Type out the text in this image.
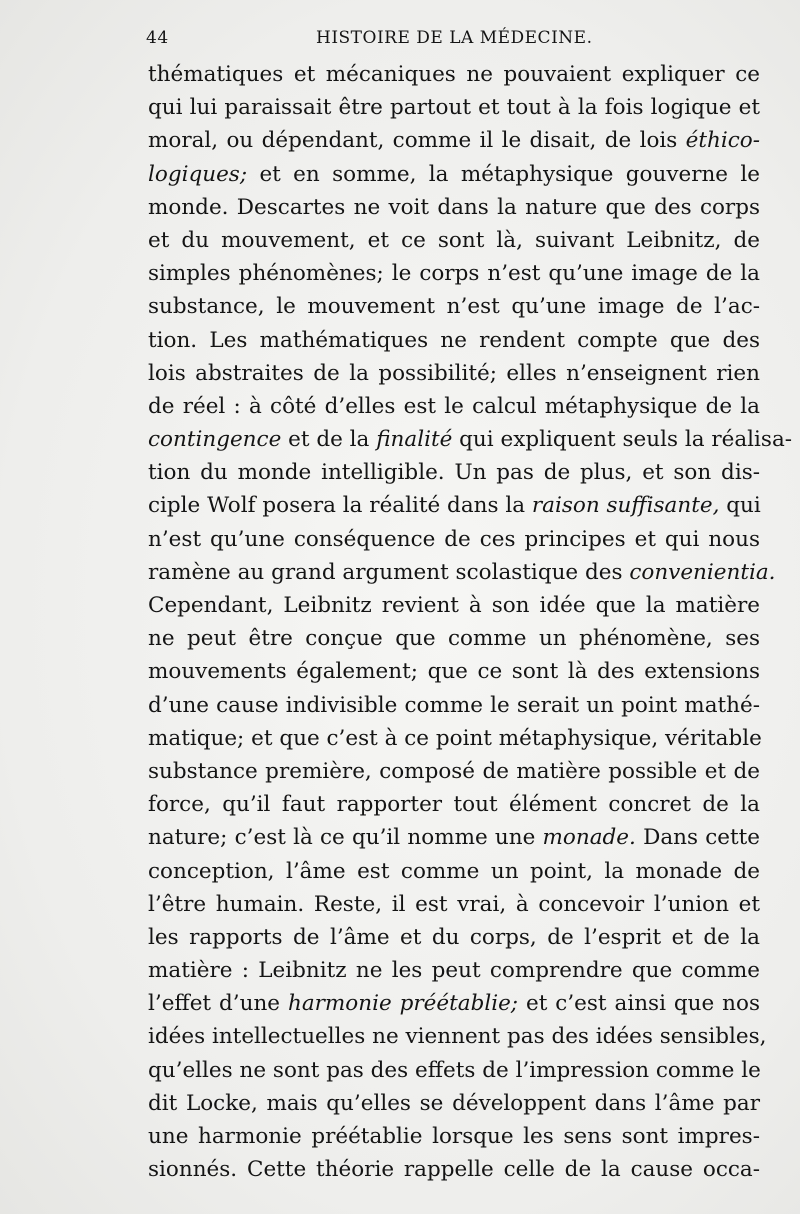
44	HISTOIRE DE LA MÉDECINE.
thématiques et mécaniques ne pouvaient expliquer ce
qui lui paraissait être partout et tout à la fois logique et
moral, ou dépendant, comme il le disait, de lois éthico-
logiques; et en somme, la métaphysique gouverne le
monde. Descartes ne voit dans la nature que des corps
et du mouvement, et ce sont là, suivant Leibnitz, de
simples phénomènes; le corps n’est qu’une image de la
substance, le mouvement n’est qu’une image de l’ac-
tion. Les mathématiques ne rendent compte que des
lois abstraites de la possibilité; elles n’enseignent rien
de réel : à côté d’elles est le calcul métaphysique de la
contingence et de la finalité qui expliquent seuls la réalisa-
tion du monde intelligible. Un pas de plus, et son dis-
ciple Wolf posera la réalité dans la raison suffisante, qui
n’est qu’une conséquence de ces principes et qui nous
ramène au grand argument scolastique des convenientia.
Cependant, Leibnitz revient à son idée que la matière
ne peut être conçue que comme un phénomène, ses
mouvements également; que ce sont là des extensions
d’une cause indivisible comme le serait un point mathé-
matique; et que c’est à ce point métaphysique, véritable
substance première, composé de matière possible et de
force, qu’il faut rapporter tout élément concret de la
nature; c’est là ce qu’il nomme une monade. Dans cette
conception, l’âme est comme un point, la monade de
l’être humain. Reste, il est vrai, à concevoir l’union et
les rapports de l’âme et du corps, de l’esprit et de la
matière : Leibnitz ne les peut comprendre que comme
l’effet d’une harmonie préétablie; et c’est ainsi que nos
idées intellectuelles ne viennent pas des idées sensibles,
qu’elles ne sont pas des effets de l’impression comme le
dit Locke, mais qu’elles se développent dans l’âme par
une harmonie préétablie lorsque les sens sont impres-
sionnés. Cette théorie rappelle celle de la cause occa-
